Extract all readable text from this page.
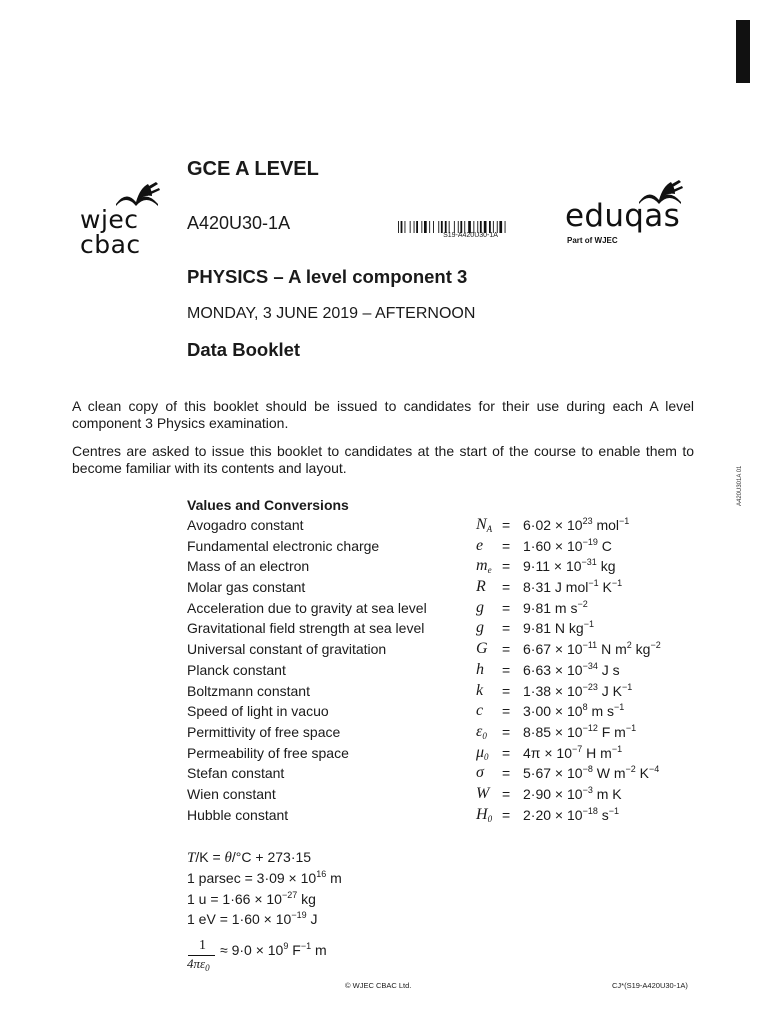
wjec
cbac
eduqas
Part of WJEC
S19-A420U30-1A
GCE A LEVEL
A420U30-1A
PHYSICS – A level component 3
MONDAY, 3 JUNE 2019 – AFTERNOON
Data Booklet
A clean copy of this booklet should be issued to candidates for their use during each A level component 3 Physics examination.
Centres are asked to issue this booklet to candidates at the start of the course to enable them to become familiar with its contents and layout.	A420U301A 01
Values and Conversions
Avogadro constant	$N_A = 6\cdot 02 \times 10^{23}$ mol$^{-1}$
Fundamental electronic charge	$e = 1\cdot 60 \times 10^{-19}$ C
Mass of an electron	$m_e = 9\cdot 11 \times 10^{-31}$ kg
Molar gas constant	R = 8·31 J mol$^{-1}$ $K^{-1}$
Acceleration due to gravity at sea level	g = 9·81 m $s^{-2}$
Gravitational field strength at sea level	g = 9·81 N $kg^{-1}$
Universal constant of gravitation	$G = 6\cdot 67 \times 10^{-11}$ N $m^2$ $kg^{-2}$
Planck constant	$h = 6\cdot 63 \times 10^{-34}$ J s
Boltzmann constant	$k = 1\cdot 38 \times 10^{-23}$ J $K^{-1}$
Speed of light in vacuo	$c = 3\cdot 00 \times 10^8$ m $s^{-1}$
Permittivity of free space	$\varepsilon_0 = 8\cdot 85 \times 10^{-12}$ F $m^{-1}$
Permeability of free space	$\mu_0 = 4\pi \times 10^{-7}$ H $m^{-1}$
Stefan constant	$\sigma = 5\cdot 67 \times 10^{-8}$ W $m^{-2}$ $K^{-4}$
Wien constant	$W = 2\cdot 90 \times 10^{-3}$ m K
Hubble constant	$H_0 = 2\cdot 20 \times 10^{-18}$ $s^{-1}$
T/K = θ/°C + 273·15
1 $parsec = 3\cdot 09 \times 10^{16}$ m
1 $u = 1\cdot 66 \times 10^{-27}$ kg
1 eV = $1\cdot 60 \times 10^{-19}$ J
1
$4\pi\varepsilon_0$
≈ $9\cdot 0 \times 10^9$ $F^{-1}$ m
© WJEC CBAC Ltd.	CJ*(S19-A420U30-1A)
